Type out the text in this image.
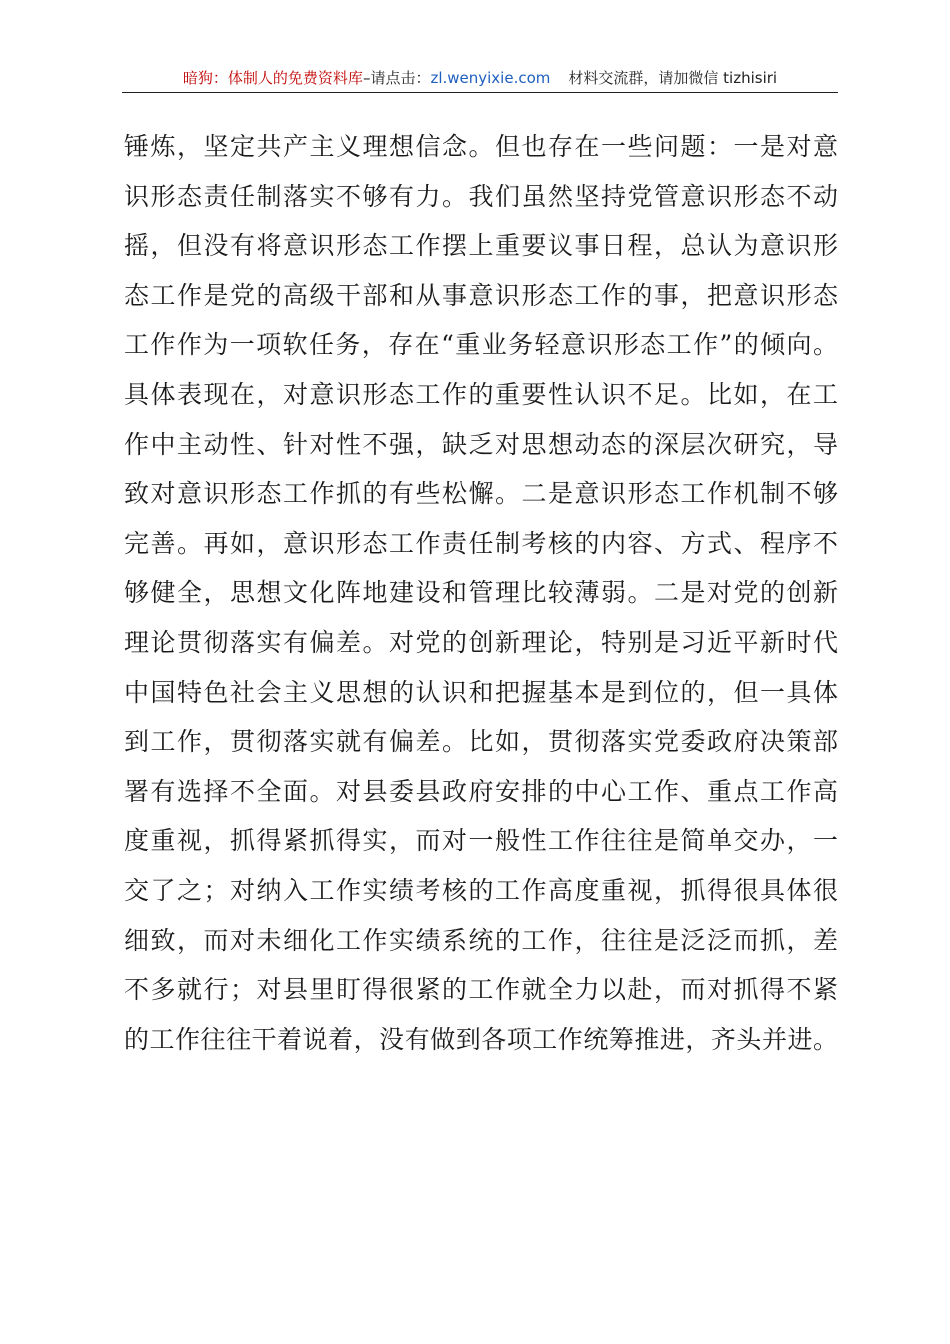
暗狗：体制人的免费资料库–请点击：zl.wenyixie.com 材料交流群，请加微信 tizhisiri
锤炼，坚定共产主义理想信念。但也存在一些问题：一是对意
识形态责任制落实不够有力。我们虽然坚持党管意识形态不动
摇，但没有将意识形态工作摆上重要议事日程，总认为意识形
态工作是党的高级干部和从事意识形态工作的事，把意识形态
工作作为一项软任务，存在“重业务轻意识形态工作”的倾向。
具体表现在，对意识形态工作的重要性认识不足。比如，在工
作中主动性、针对性不强，缺乏对思想动态的深层次研究，导
致对意识形态工作抓的有些松懈。二是意识形态工作机制不够
完善。再如，意识形态工作责任制考核的内容、方式、程序不
够健全，思想文化阵地建设和管理比较薄弱。二是对党的创新
理论贯彻落实有偏差。对党的创新理论，特别是习近平新时代
中国特色社会主义思想的认识和把握基本是到位的，但一具体
到工作，贯彻落实就有偏差。比如，贯彻落实党委政府决策部
署有选择不全面。对县委县政府安排的中心工作、重点工作高
度重视，抓得紧抓得实，而对一般性工作往往是简单交办，一
交了之；对纳入工作实绩考核的工作高度重视，抓得很具体很
细致，而对未细化工作实绩系统的工作，往往是泛泛而抓，差
不多就行；对县里盯得很紧的工作就全力以赴，而对抓得不紧
的工作往往干着说着，没有做到各项工作统筹推进，齐头并进。
